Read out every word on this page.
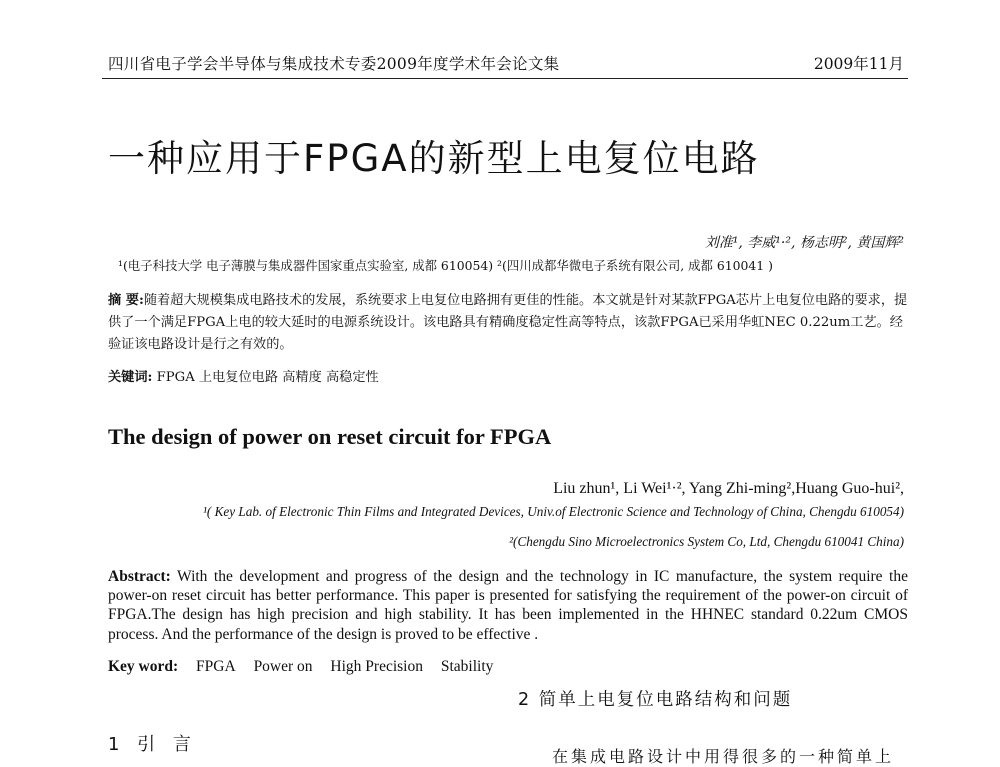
四川省电子学会半导体与集成技术专委2009年度学术年会论文集	2009年11月
一种应用于FPGA的新型上电复位电路
刘准¹, 李威¹·², 杨志明², 黄国辉²
¹(电子科技大学 电子薄膜与集成器件国家重点实验室, 成都 610054) ²(四川成都华微电子系统有限公司, 成都 610041 )
摘 要:随着超大规模集成电路技术的发展，系统要求上电复位电路拥有更佳的性能。本文就是针对某款FPGA芯片上电复位电路的要求，提供了一个满足FPGA上电的较大延时的电源系统设计。该电路具有精确度稳定性高等特点，该款FPGA已采用华虹NEC 0.22um工艺。经验证该电路设计是行之有效的。
关键词: FPGA 上电复位电路 高精度 高稳定性
The design of power on reset circuit for FPGA
Liu zhun¹, Li Wei¹·², Yang Zhi-ming²,Huang Guo-hui²,
¹( Key Lab. of Electronic Thin Films and Integrated Devices, Univ.of Electronic Science and Technology of China, Chengdu 610054)
²(Chengdu Sino Microelectronics System Co, Ltd, Chengdu 610041 China)
Abstract: With the development and progress of the design and the technology in IC manufacture, the system require the power-on reset circuit has better performance. This paper is presented for satisfying the requirement of the power-on circuit of FPGA.The design has high precision and high stability. It has been implemented in the HHNEC standard 0.22um CMOS process. And the performance of the design is proved to be effective .
Key word: FPGA Power on High Precision Stability
2 简单上电复位电路结构和问题
1 引 言
在集成电路设计中用得很多的一种简单上
